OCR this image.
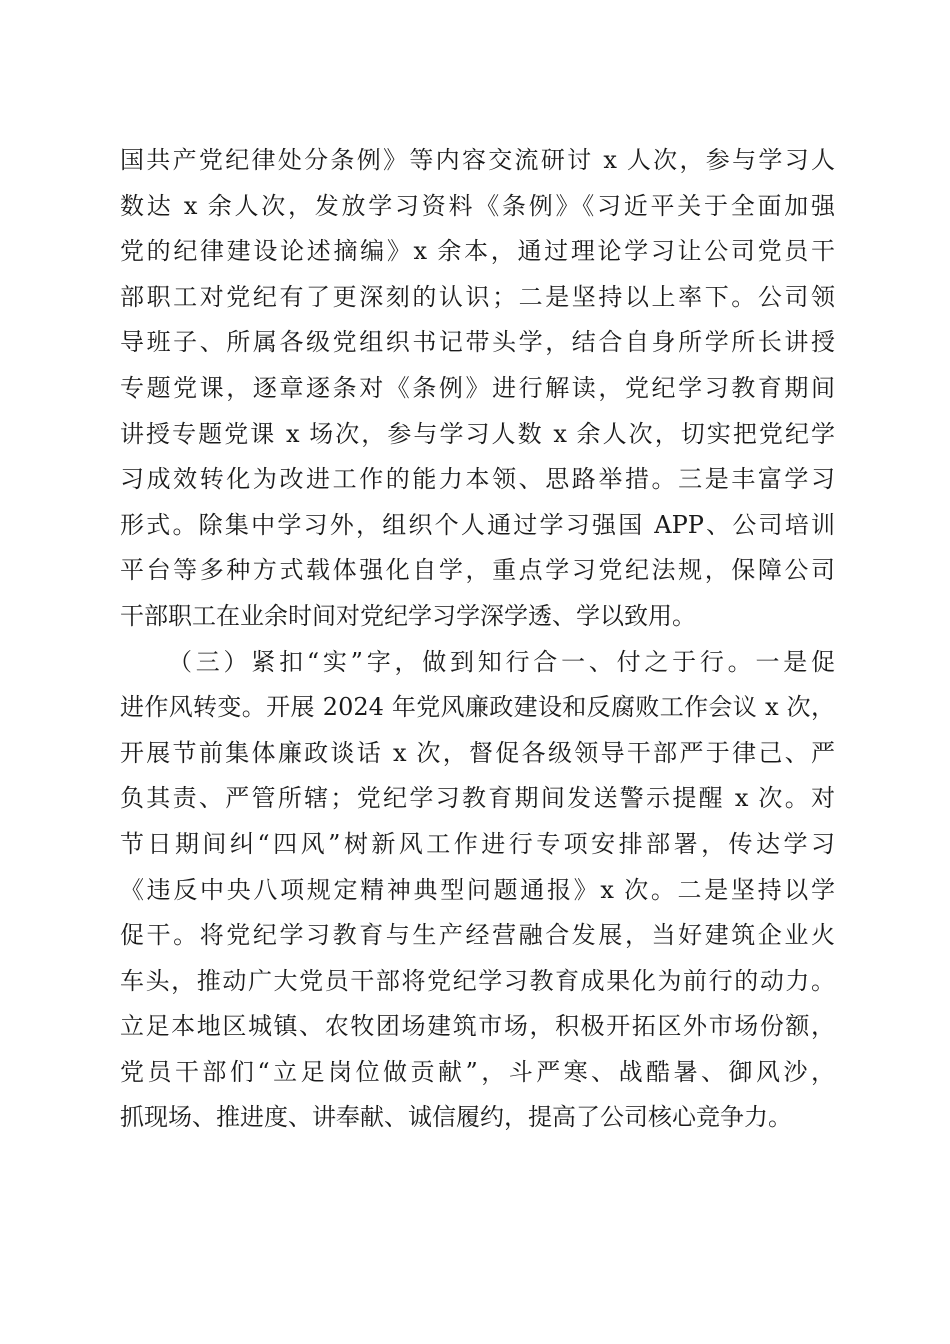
国共产党纪律处分条例》等内容交流研讨 x 人次，参与学习人
数达 x 余人次，发放学习资料《条例》《习近平关于全面加强
党的纪律建设论述摘编》x 余本，通过理论学习让公司党员干
部职工对党纪有了更深刻的认识；二是坚持以上率下。公司领
导班子、所属各级党组织书记带头学，结合自身所学所长讲授
专题党课，逐章逐条对《条例》进行解读，党纪学习教育期间
讲授专题党课 x 场次，参与学习人数 x 余人次，切实把党纪学
习成效转化为改进工作的能力本领、思路举措。三是丰富学习
形式。除集中学习外，组织个人通过学习强国 APP、公司培训
平台等多种方式载体强化自学，重点学习党纪法规，保障公司
干部职工在业余时间对党纪学习学深学透、学以致用。
（三）紧扣“实”字，做到知行合一、付之于行。一是促
进作风转变。开展 2024 年党风廉政建设和反腐败工作会议 x 次，
开展节前集体廉政谈话 x 次，督促各级领导干部严于律己、严
负其责、严管所辖；党纪学习教育期间发送警示提醒 x 次。对
节日期间纠“四风”树新风工作进行专项安排部署，传达学习
《违反中央八项规定精神典型问题通报》x 次。二是坚持以学
促干。将党纪学习教育与生产经营融合发展，当好建筑企业火
车头，推动广大党员干部将党纪学习教育成果化为前行的动力。
立足本地区城镇、农牧团场建筑市场，积极开拓区外市场份额，
党员干部们“立足岗位做贡献”，斗严寒、战酷暑、御风沙，
抓现场、推进度、讲奉献、诚信履约，提高了公司核心竞争力。
